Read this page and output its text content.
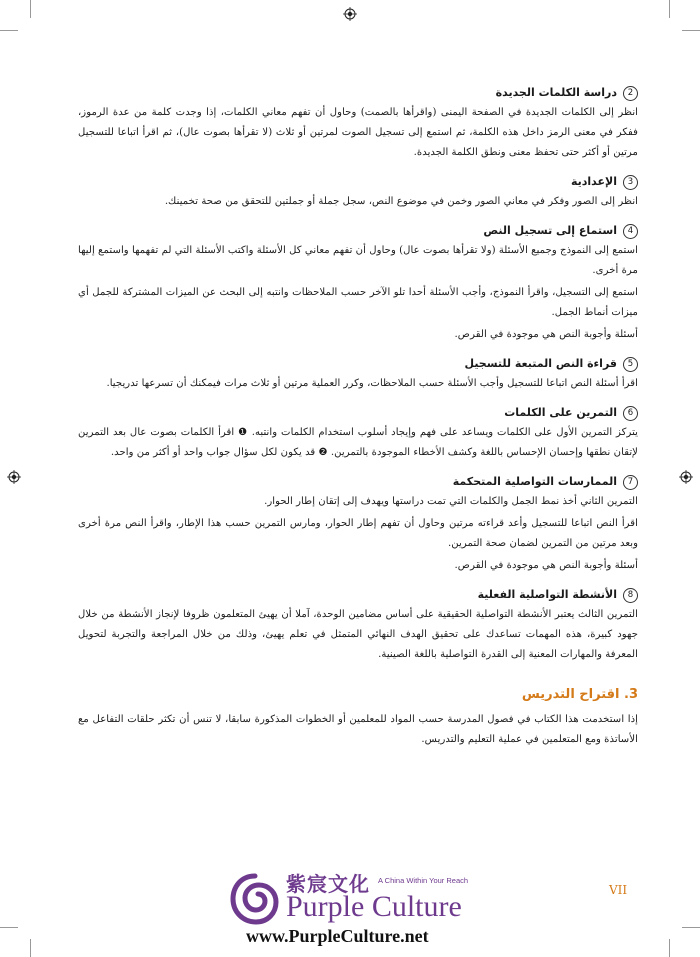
2
دراسة الكلمات الجديدة

انظر إلى الكلمات الجديدة في الصفحة اليمنى (واقرأها بالصمت) وحاول أن تفهم معاني الكلمات، إذا وجدت كلمة من عدة الرموز، ففكر في معنى الرمز داخل هذه الكلمة، ثم استمع إلى تسجيل الصوت لمرتين أو ثلاث (لا تقرأها بصوت عال)، ثم اقرأ اتباعا للتسجيل مرتين أو أكثر حتى تحفظ معنى ونطق الكلمة الجديدة.

3
الإعدادية

انظر إلى الصور وفكر في معاني الصور وخمن في موضوع النص، سجل جملة أو جملتين للتحقق من صحة تخمينك.

4
استماع إلى تسجيل النص

استمع إلى النموذج وجميع الأسئلة (ولا تقرأها بصوت عال) وحاول أن تفهم معاني كل الأسئلة واكتب الأسئلة التي لم تفهمها واستمع إليها مرة أخرى.

استمع إلى التسجيل، واقرأ النموذج، وأجب الأسئلة أحدا تلو الآخر حسب الملاحظات وانتبه إلى البحث عن الميزات المشتركة للجمل أي ميزات أنماط الجمل.

أسئلة وأجوبة النص هي موجودة في القرص.

5
قراءة النص المتبعة للتسجيل

اقرأ أسئلة النص اتباعا للتسجيل وأجب الأسئلة حسب الملاحظات، وكرر العملية مرتين أو ثلاث مرات فيمكنك أن تسرعها تدريجيا.

6
التمرين على الكلمات

يتركز التمرين الأول على الكلمات ويساعد على فهم وإيجاد أسلوب استخدام الكلمات وانتبه. ❶ اقرأ الكلمات بصوت عال بعد التمرين لإتقان نطقها وإحسان الإحساس باللغة وكشف الأخطاء الموجودة بالتمرين. ❷ قد يكون لكل سؤال جواب واحد أو أكثر من واحد.

7
الممارسات التواصلية المتحكمة

التمرين الثاني أخذ نمط الجمل والكلمات التي تمت دراستها ويهدف إلى إتقان إطار الحوار.

اقرأ النص اتباعا للتسجيل وأعد قراءته مرتين وحاول أن تفهم إطار الحوار، ومارس التمرين حسب هذا الإطار، واقرأ النص مرة أخرى وبعد مرتين من التمرين لضمان صحة التمرين.

أسئلة وأجوبة النص هي موجودة في القرص.

8
الأنشطة التواصلية الفعلية

التمرين الثالث يعتبر الأنشطة التواصلية الحقيقية على أساس مضامين الوحدة، آملا أن يهيئ المتعلمون ظروفا لإنجاز الأنشطة من خلال جهود كبيرة، هذه المهمات تساعدك على تحقيق الهدف النهائي المتمثل في تعلم يهيئ، وذلك من خلال المراجعة والتجربة لتحويل المعرفة والمهارات المعنية إلى القدرة التواصلية باللغة الصينية.

3. اقتراح التدريس

إذا استخدمت هذا الكتاب في فصول المدرسة حسب المواد للمعلمين أو الخطوات المذكورة سابقا، لا تنس أن تكثر حلقات التفاعل مع الأساتذة ومع المتعلمين في عملية التعليم والتدريس.

VII
紫宸文化 A China Within Your Reach
Purple Culture
www.PurpleCulture.net
